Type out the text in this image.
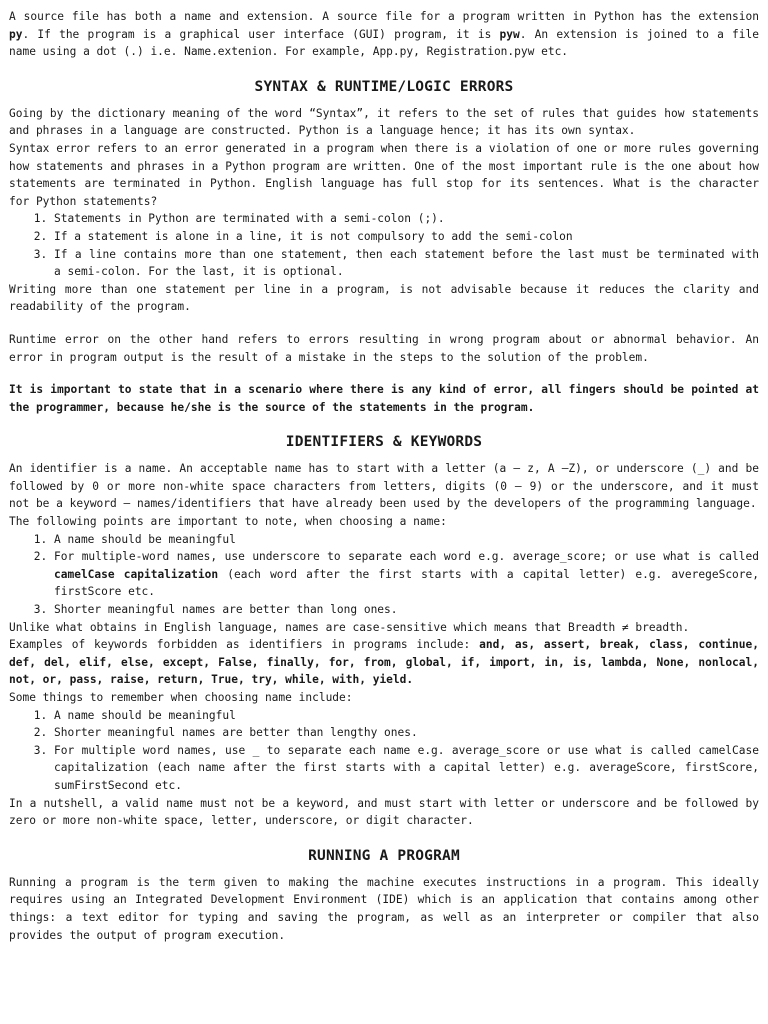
A source file has both a name and extension. A source file for a program written in Python has the extension py. If the program is a graphical user interface (GUI) program, it is pyw. An extension is joined to a file name using a dot (.) i.e. Name.extenion. For example, App.py, Registration.pyw etc.

SYNTAX & RUNTIME/LOGIC ERRORS

Going by the dictionary meaning of the word “Syntax”, it refers to the set of rules that guides how statements and phrases in a language are constructed. Python is a language hence; it has its own syntax.

Syntax error refers to an error generated in a program when there is a violation of one or more rules governing how statements and phrases in a Python program are written. One of the most important rule is the one about how statements are terminated in Python. English language has full stop for its sentences. What is the character for Python statements?

1. Statements in Python are terminated with a semi-colon (;).
2. If a statement is alone in a line, it is not compulsory to add the semi-colon
3. If a line contains more than one statement, then each statement before the last must be terminated with a semi-colon. For the last, it is optional.

Writing more than one statement per line in a program, is not advisable because it reduces the clarity and readability of the program.

Runtime error on the other hand refers to errors resulting in wrong program about or abnormal behavior. An error in program output is the result of a mistake in the steps to the solution of the problem.

It is important to state that in a scenario where there is any kind of error, all fingers should be pointed at the programmer, because he/she is the source of the statements in the program.

IDENTIFIERS & KEYWORDS

An identifier is a name. An acceptable name has to start with a letter (a – z, A –Z), or underscore (_) and be followed by 0 or more non-white space characters from letters, digits (0 – 9) or the underscore, and it must not be a keyword – names/identifiers that have already been used by the developers of the programming language.

The following points are important to note, when choosing a name:

1. A name should be meaningful
2. For multiple-word names, use underscore to separate each word e.g. average_score; or use what is called camelCase capitalization (each word after the first starts with a capital letter) e.g. averegeScore, firstScore etc.
3. Shorter meaningful names are better than long ones.

Unlike what obtains in English language, names are case-sensitive which means that Breadth ≠ breadth.

Examples of keywords forbidden as identifiers in programs include: and, as, assert, break, class, continue, def, del, elif, else, except, False, finally, for, from, global, if, import, in, is, lambda, None, nonlocal, not, or, pass, raise, return, True, try, while, with, yield.

Some things to remember when choosing name include:

1. A name should be meaningful
2. Shorter meaningful names are better than lengthy ones.
3. For multiple word names, use _ to separate each name e.g. average_score or use what is called camelCase capitalization (each name after the first starts with a capital letter) e.g. averageScore, firstScore, sumFirstSecond etc.

In a nutshell, a valid name must not be a keyword, and must start with letter or underscore and be followed by zero or more non-white space, letter, underscore, or digit character.

RUNNING A PROGRAM

Running a program is the term given to making the machine executes instructions in a program. This ideally requires using an Integrated Development Environment (IDE) which is an application that contains among other things: a text editor for typing and saving the program, as well as an interpreter or compiler that also provides the output of program execution.
